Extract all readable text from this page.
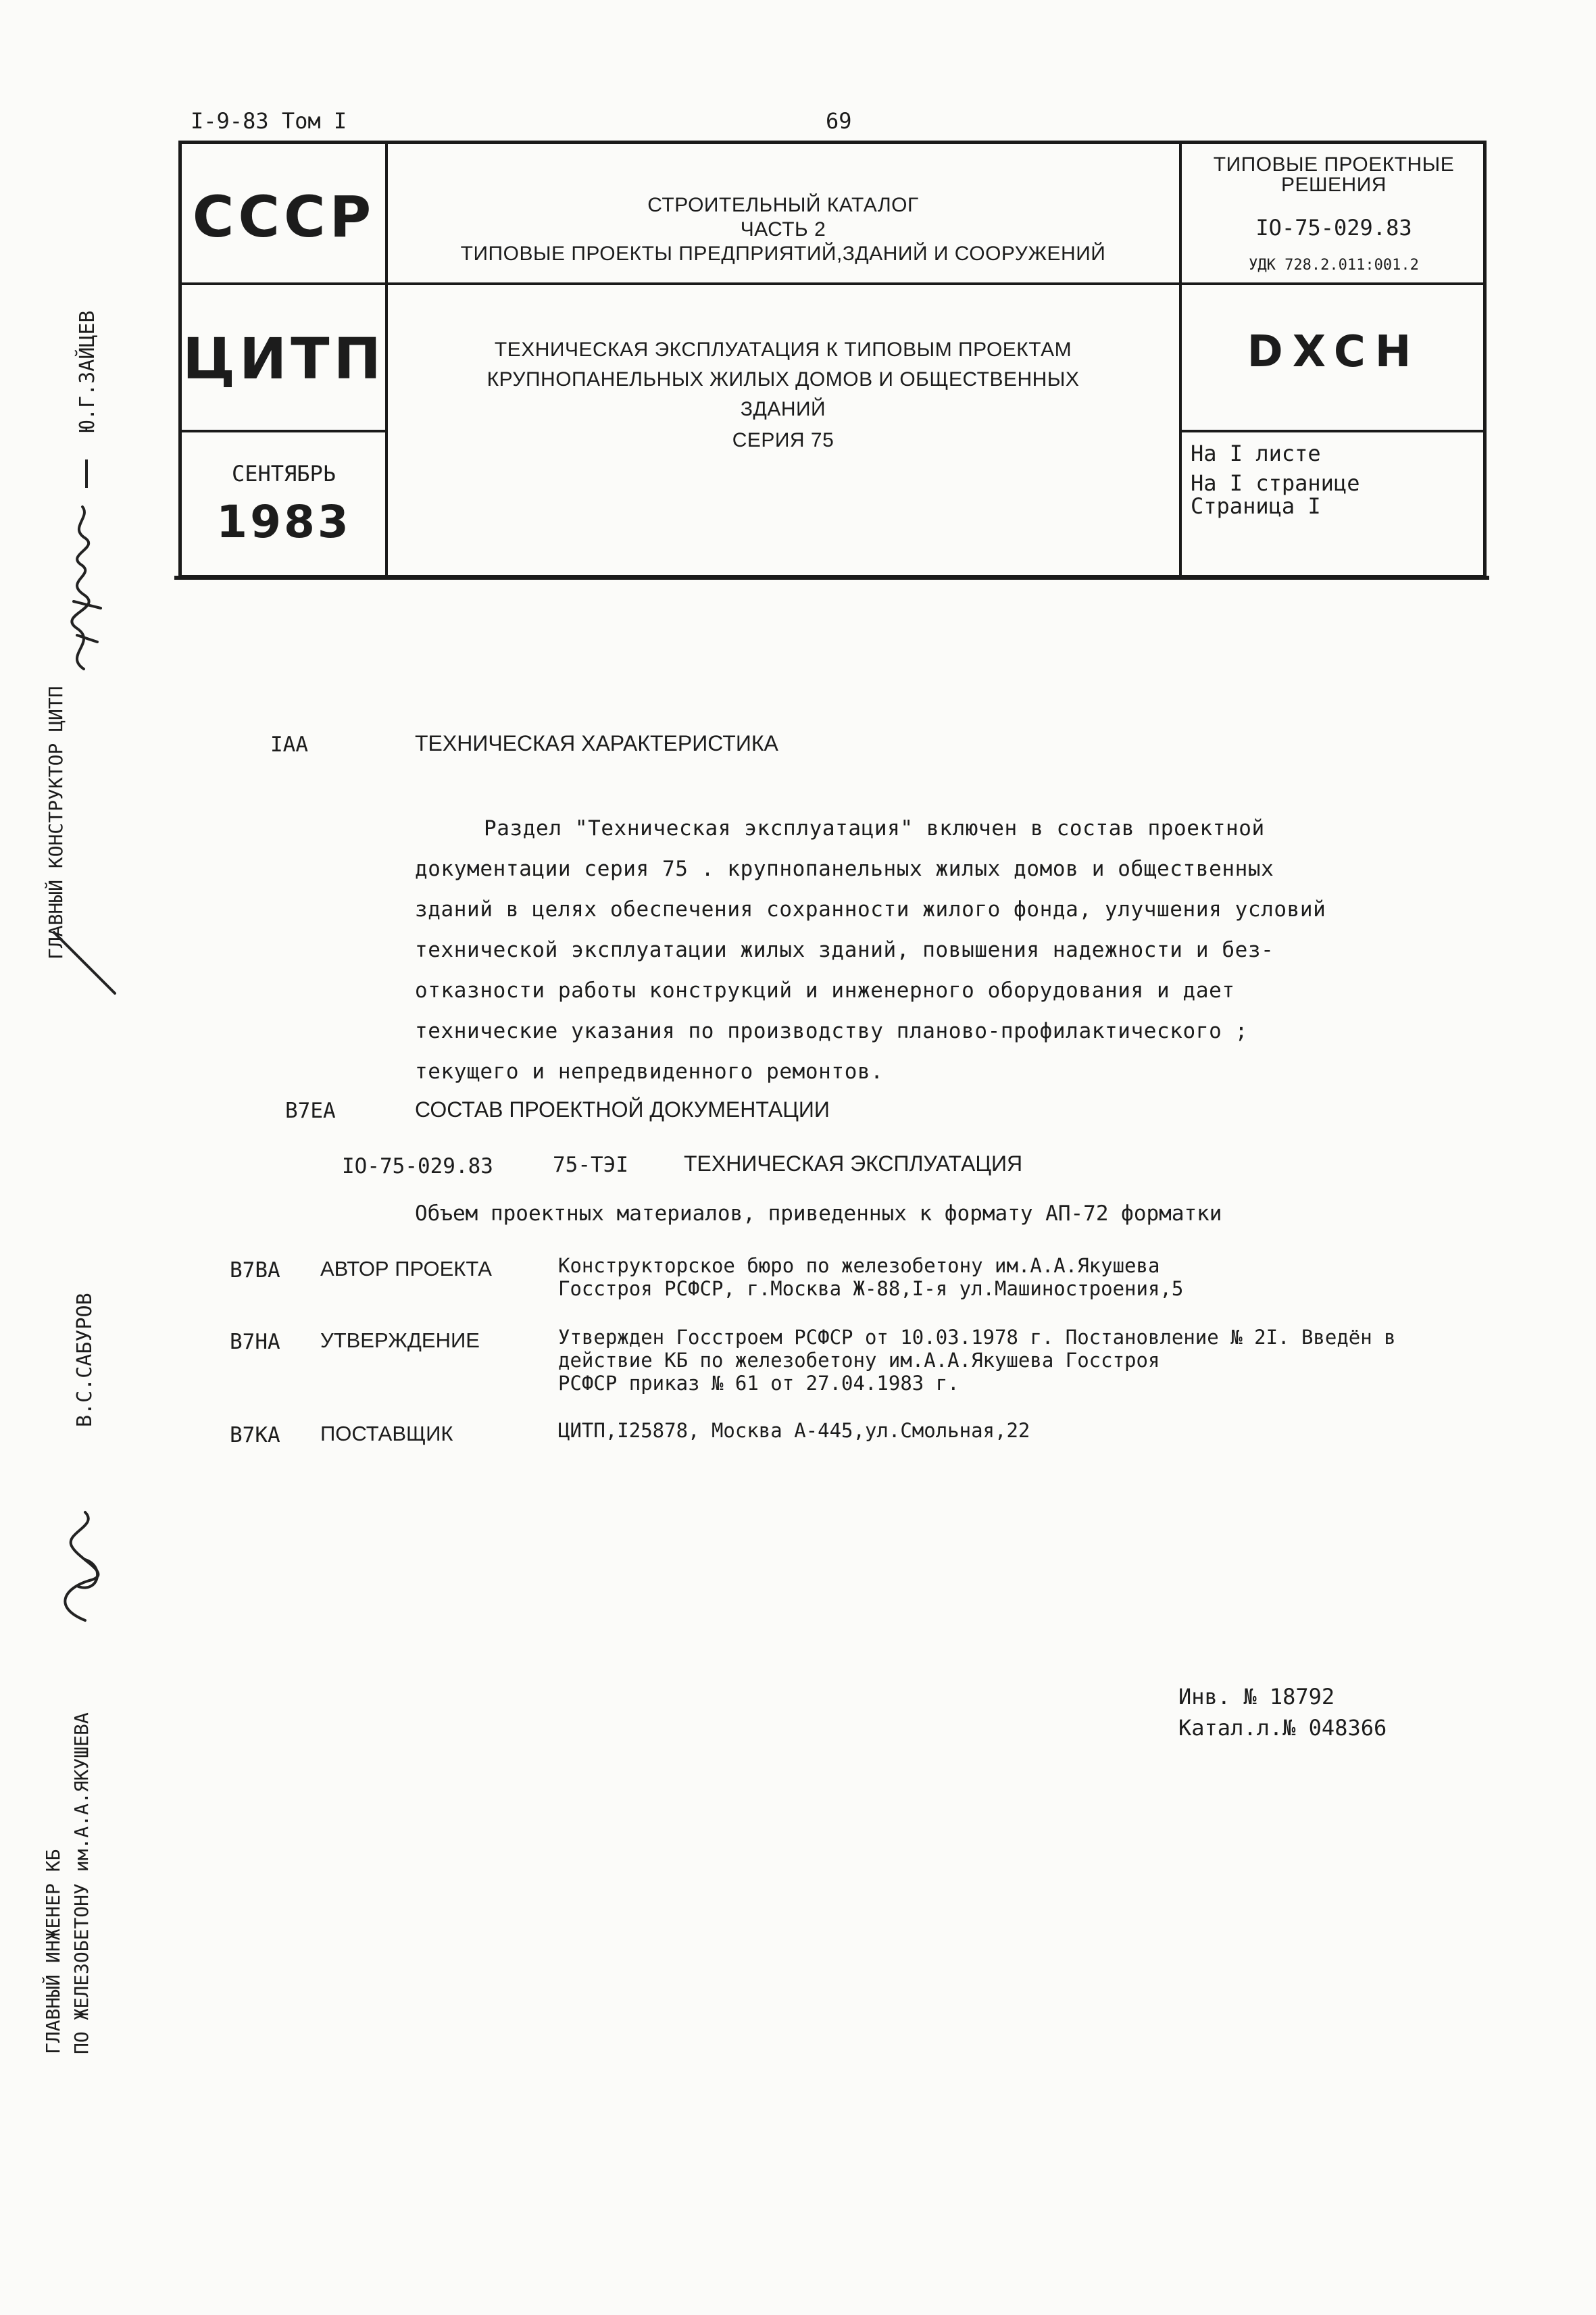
I-9-83 Том I	69
СССР
ЦИТП
СЕНТЯБРЬ
1983
СТРОИТЕЛЬНЫЙ КАТАЛОГ
ЧАСТЬ 2
ТИПОВЫЕ ПРОЕКТЫ ПРЕДПРИЯТИЙ,ЗДАНИЙ И СООРУЖЕНИЙ
ТЕХНИЧЕСКАЯ ЭКСПЛУАТАЦИЯ К ТИПОВЫМ ПРОЕКТАМ
КРУПНОПАНЕЛЬНЫХ ЖИЛЫХ ДОМОВ И ОБЩЕСТВЕННЫХ
ЗДАНИЙ
СЕРИЯ 75
ТИПОВЫЕ ПРОЕКТНЫЕ
РЕШЕНИЯ
IO-75-029.83
УДК 728.2.011:001.2
DXCH
На I листе
На I странице
Страница I
Ю.Г.ЗАЙЦЕВ
ГЛАВНЫЙ КОНСТРУКТОР ЦИТП
В.С.САБУРОВ
ГЛАВНЫЙ ИНЖЕНЕР КБ ПО ЖЕЛЕЗОБЕТОНУ им.А.А.ЯКУШЕВА
IAA	ТЕХНИЧЕСКАЯ ХАРАКТЕРИСТИКА
Раздел "Техническая эксплуатация" включен в состав проектной
документации серия 75 . крупнопанельных жилых домов и общественных
зданий в целях обеспечения сохранности жилого фонда, улучшения условий
технической эксплуатации жилых зданий, повышения надежности и без-
отказности работы конструкций и инженерного оборудования и дает
технические указания по производству планово-профилактического ;
текущего и непредвиденного ремонтов.
В7ЕА	СОСТАВ ПРОЕКТНОЙ ДОКУМЕНТАЦИИ
IO-75-029.83	75-ТЭI	ТЕХНИЧЕСКАЯ ЭКСПЛУАТАЦИЯ
Объем проектных материалов, приведенных к формату АП-72 форматки
В7ВА АВТОР ПРОЕКТА	Конструкторское бюро по железобетону им.А.А.Якушева
Госстроя РСФСР, г.Москва Ж-88,I-я ул.Машиностроения,5
В7НА УТВЕРЖДЕНИЕ	Утвержден Госстроем РСФСР от 10.03.1978 г. Постановление № 2I. Введён в
действие КБ по железобетону им.А.А.Якушева Госстроя
РСФСР приказ № 61 от 27.04.1983 г.
В7КА ПОСТАВЩИК	ЦИТП,I25878, Москва А-445,ул.Смольная,22
Инв. № 18792
Катал.л.№ 048366
